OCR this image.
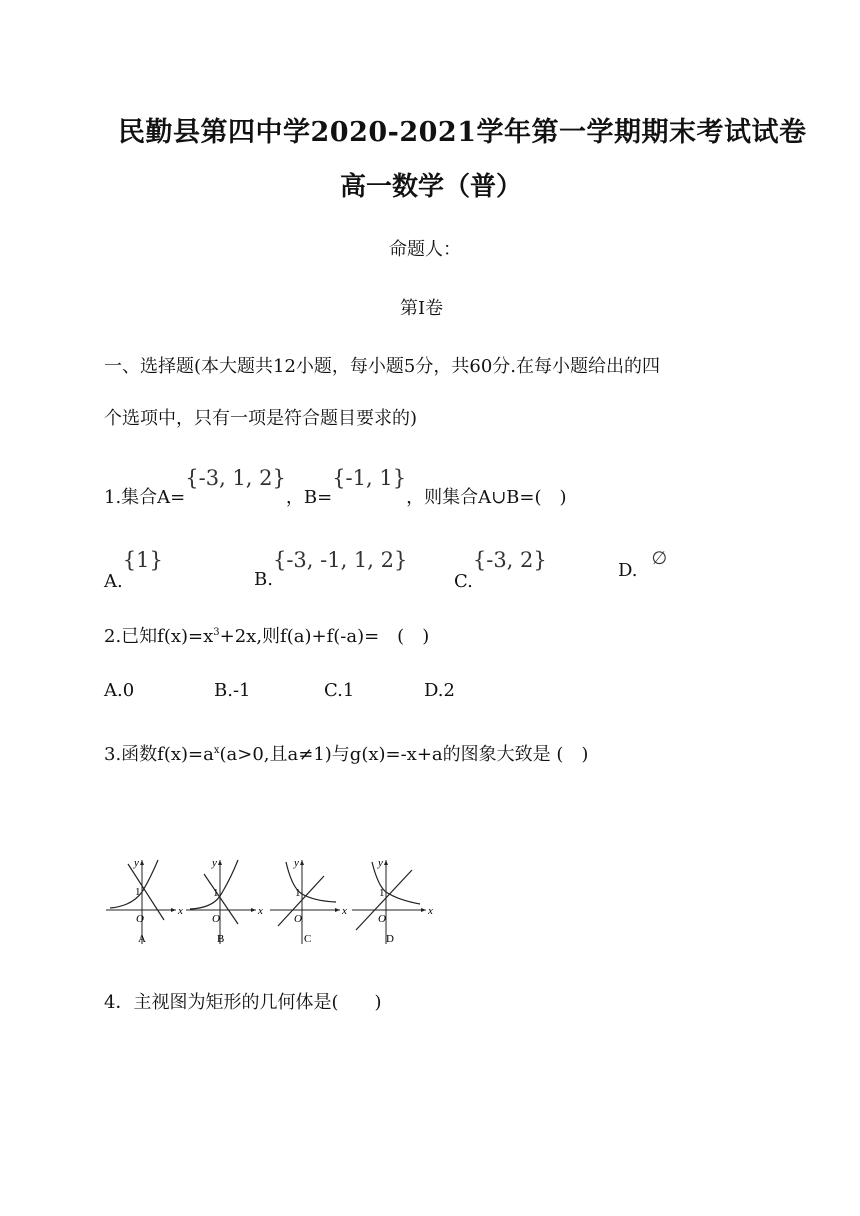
民勤县第四中学2020-2021学年第一学期期末考试试卷
高一数学（普）
命题人：
第Ⅰ卷
一、选择题(本大题共12小题，每小题5分，共60分.在每小题给出的四
个选项中，只有一项是符合题目要求的)
1.集合A={-3, 1, 2}，B={-1, 1}，则集合A∪B=(　)
A.{1}
B.{-3, -1, 1, 2}
C.{-3, 2}	D.∅
2.已知$f(x)=x^3+2x$,则f(a)+f(-a)=　(　)
A.0	B.-1	C.1	D.2
3.函数$f(x)=a^x(a>0$,且a≠1)与g(x)=-x+a的图象大致是 (　)
O
x
y
1
A
O
x
y
1
B
O
x
y
1
C
O
x
y
1
D
4．主视图为矩形的几何体是(　　)
